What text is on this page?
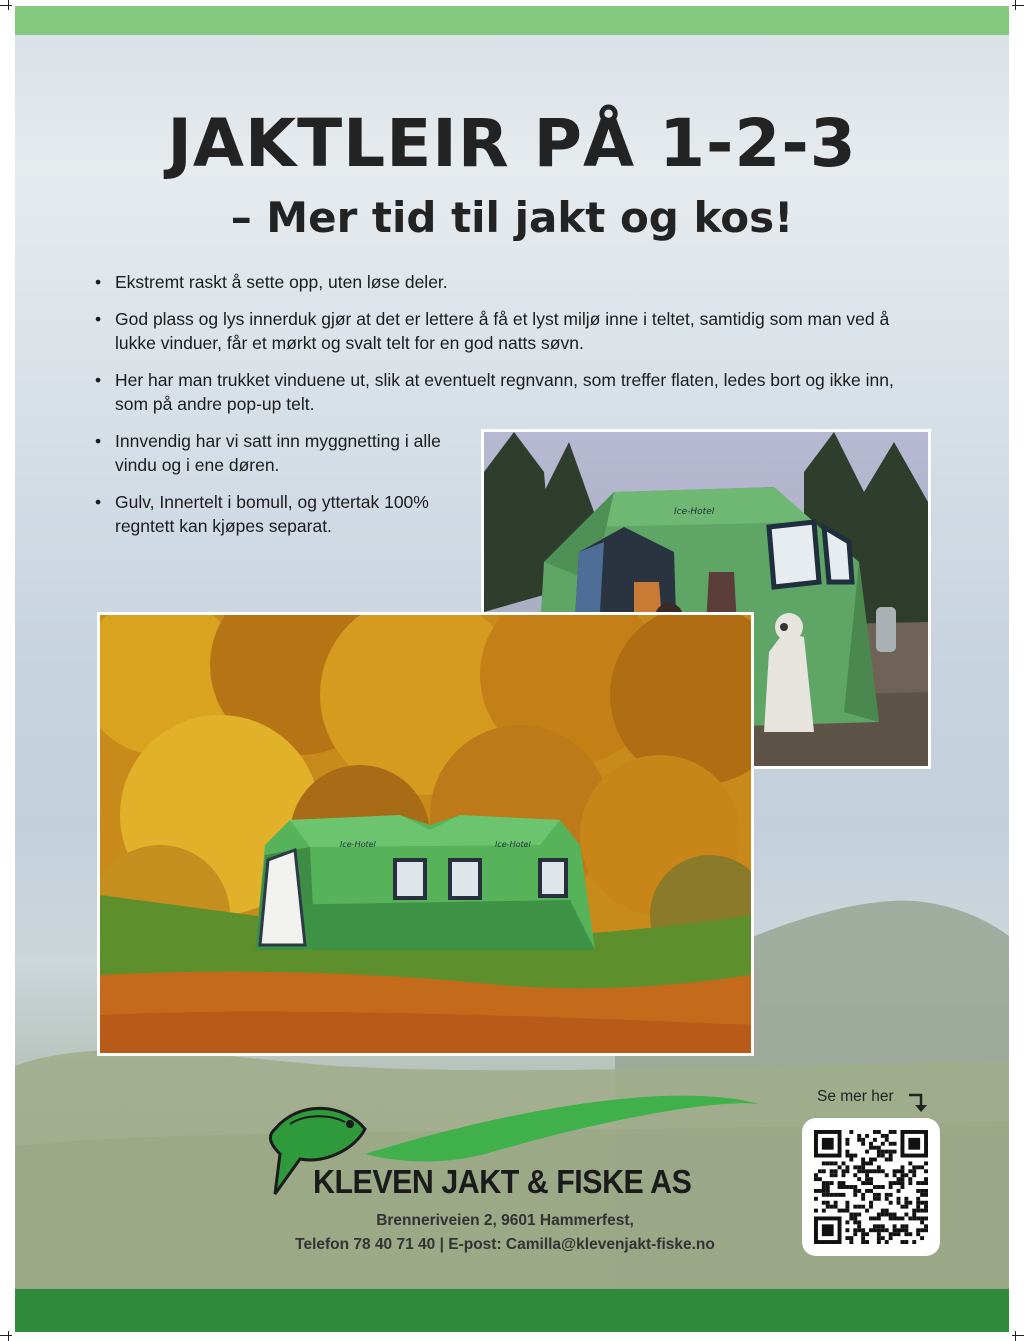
JAKTLEIR PÅ 1-2-3
– Mer tid til jakt og kos!
• Ekstremt raskt å sette opp, uten løse deler.
• God plass og lys innerduk gjør at det er lettere å få et lyst miljø inne i teltet, samtidig som man ved å lukke vinduer, får et mørkt og svalt telt for en god natts søvn.
• Her har man trukket vinduene ut, slik at eventuelt regnvann, som treffer flaten, ledes bort og ikke inn, som på andre pop-up telt.
• Innvendig har vi satt inn myggnetting i alle vindu og i ene døren.
• Gulv, Innertelt i bomull, og yttertak 100% regntett kan kjøpes separat.
Ice-Hotel
Ice-Hotel	Ice-Hotel
KLEVEN JAKT & FISKE AS
Brenneriveien 2, 9601 Hammerfest,
Telefon 78 40 71 40 | E-post: Camilla@klevenjakt-fiske.no
Se mer her
